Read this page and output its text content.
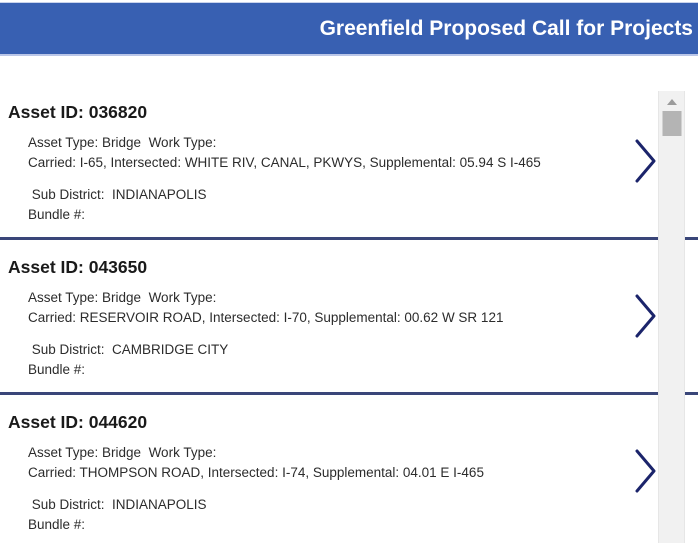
Greenfield Proposed Call for Projects
Asset ID: 036820
Asset Type: Bridge  Work Type:
Carried: I-65, Intersected: WHITE RIV, CANAL, PKWYS, Supplemental: 05.94 S I-465
Sub District:  INDIANAPOLIS
Bundle #:
Asset ID: 043650
Asset Type: Bridge  Work Type:
Carried: RESERVOIR ROAD, Intersected: I-70, Supplemental: 00.62 W SR 121
Sub District:  CAMBRIDGE CITY
Bundle #:
Asset ID: 044620
Asset Type: Bridge  Work Type:
Carried: THOMPSON ROAD, Intersected: I-74, Supplemental: 04.01 E I-465
Sub District:  INDIANAPOLIS
Bundle #:
